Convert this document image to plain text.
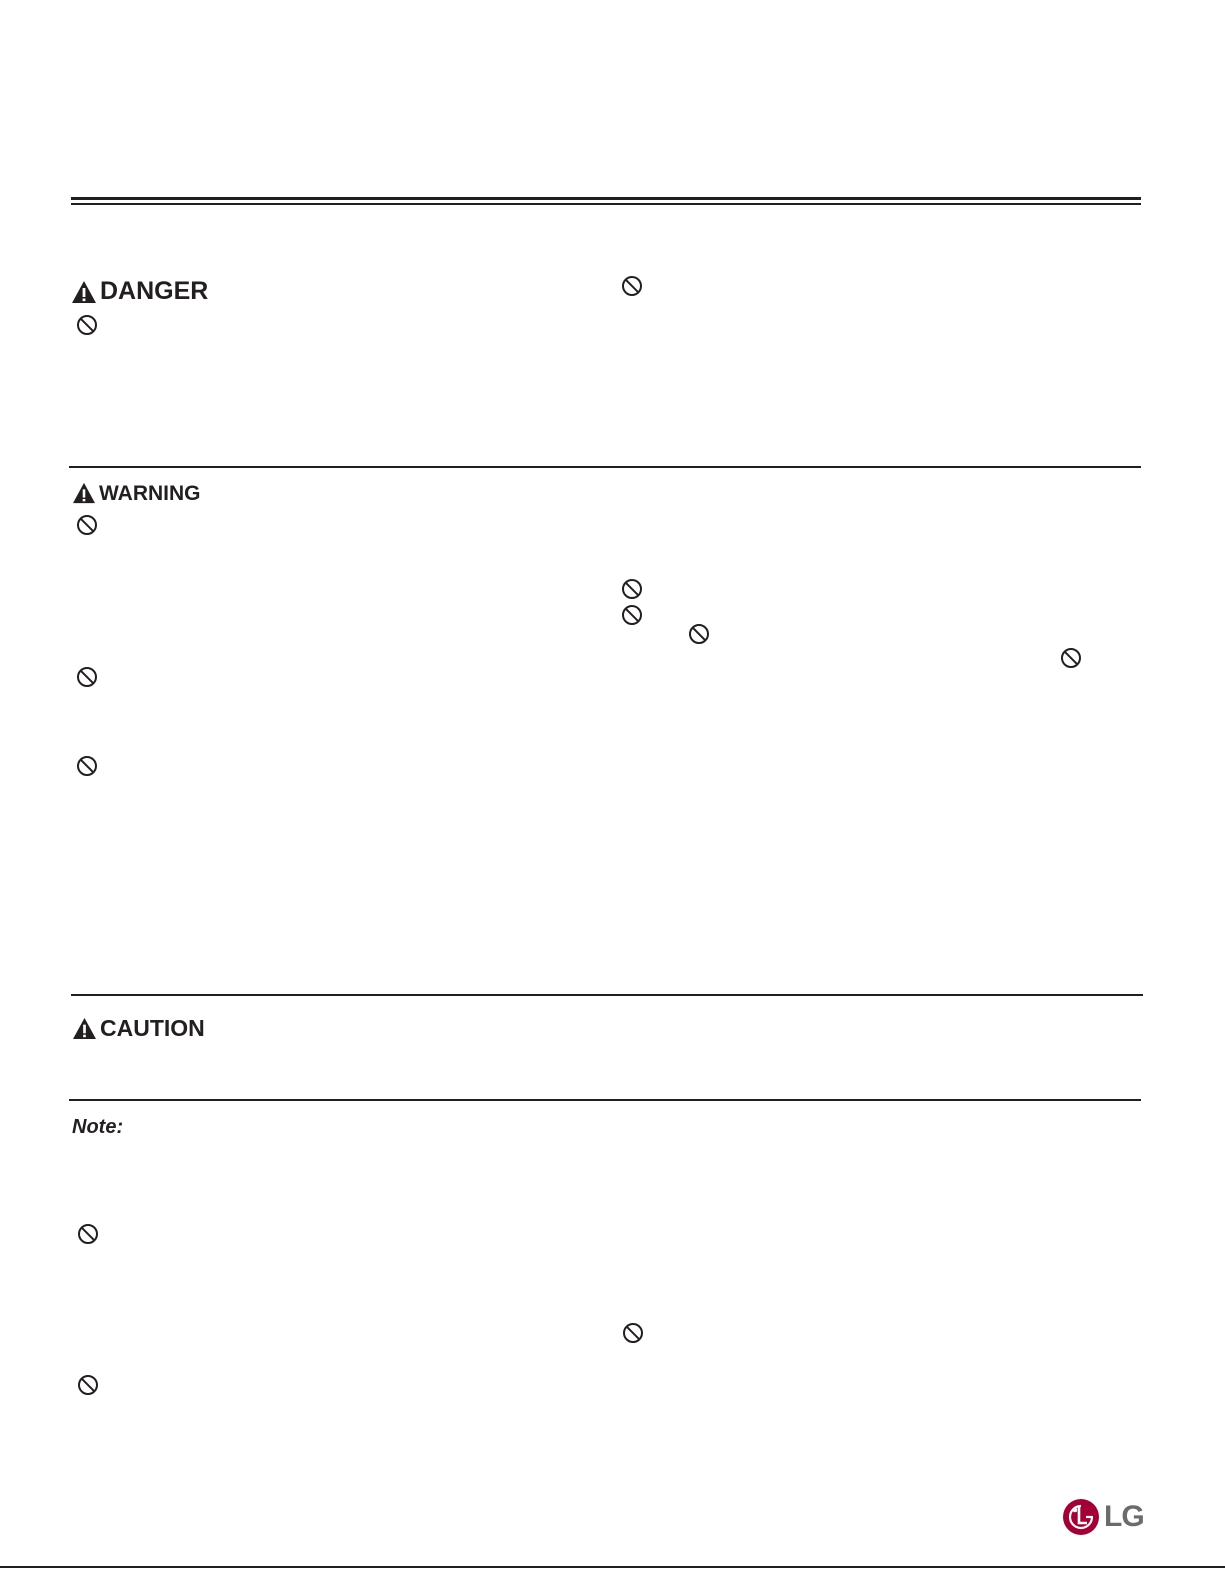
DANGER
WARNING
CAUTION
Note:
LG
